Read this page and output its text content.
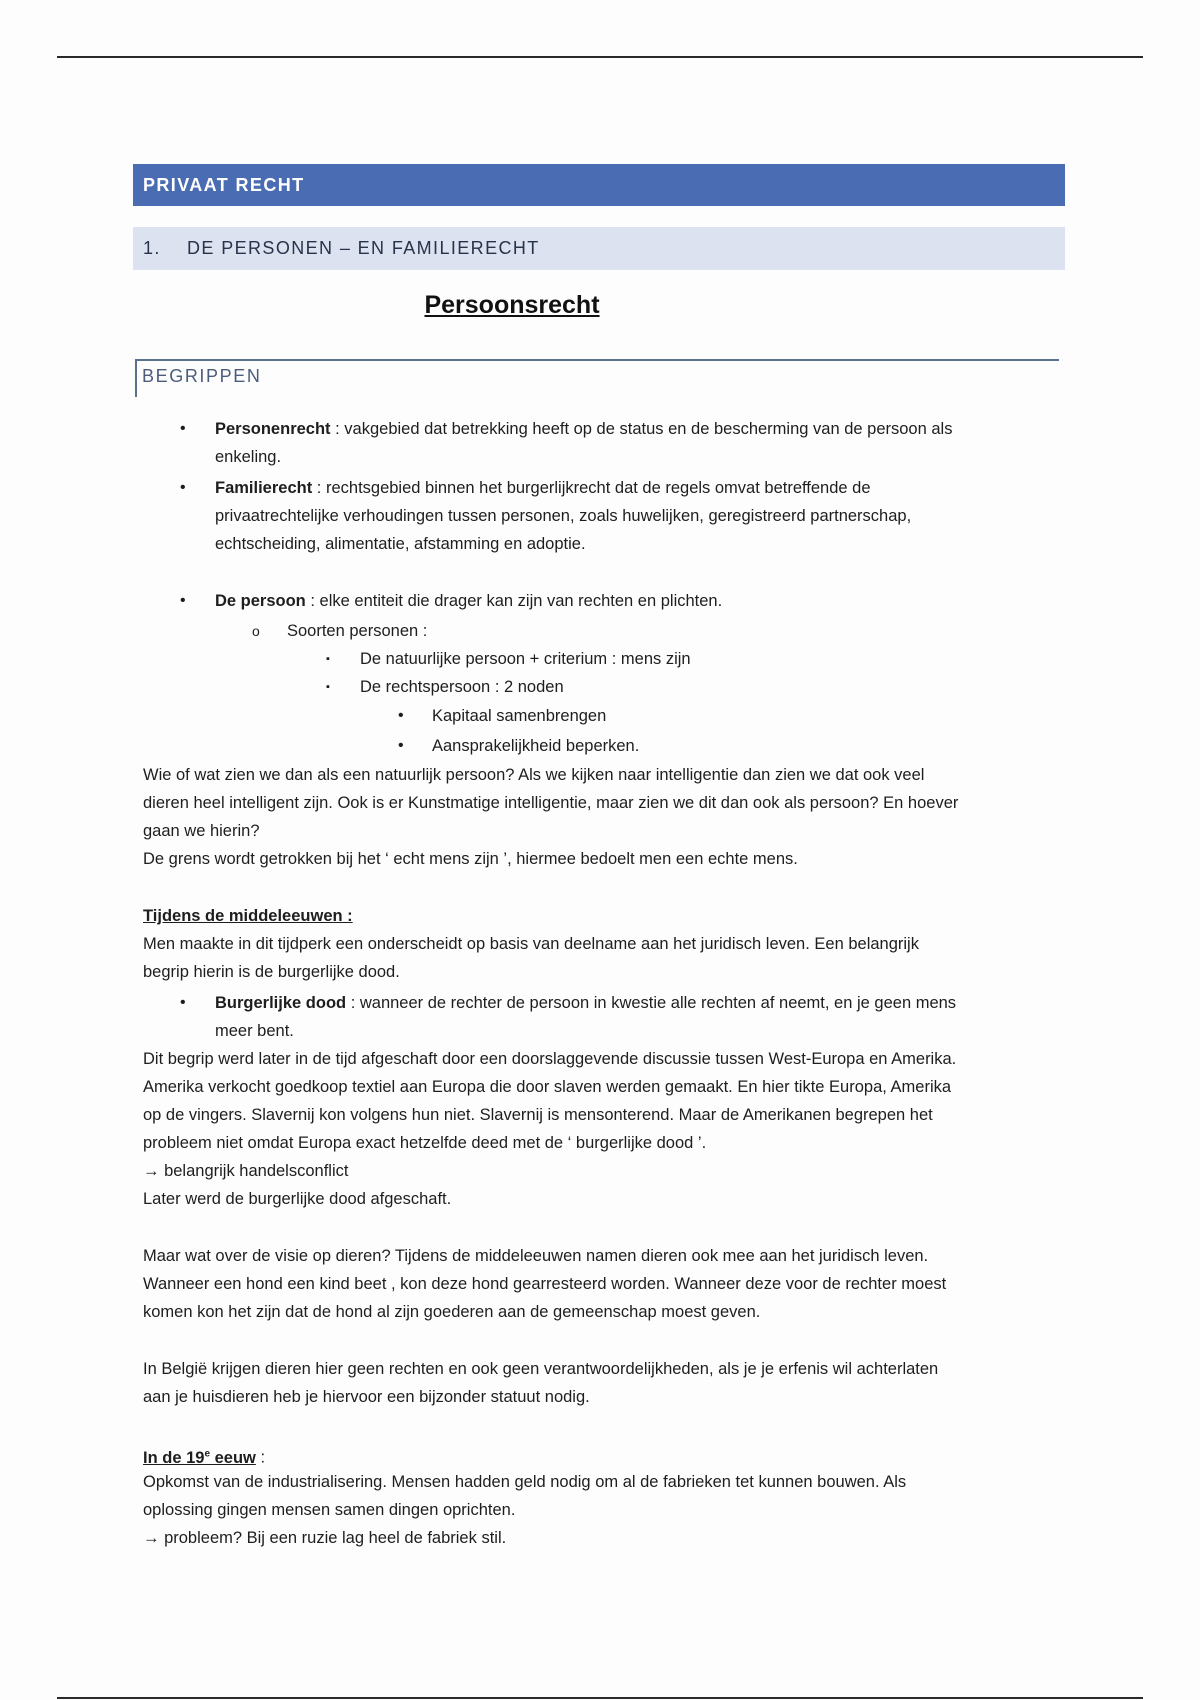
PRIVAAT RECHT
1. DE PERSONEN – EN FAMILIERECHT
Persoonsrecht
BEGRIPPEN
• Personenrecht : vakgebied dat betrekking heeft op de status en de bescherming van de persoon als
enkeling.
• Familierecht : rechtsgebied binnen het burgerlijkrecht dat de regels omvat betreffende de
privaatrechtelijke verhoudingen tussen personen, zoals huwelijken, geregistreerd partnerschap,
echtscheiding, alimentatie, afstamming en adoptie.
• De persoon : elke entiteit die drager kan zijn van rechten en plichten.
o Soorten personen :
▪ De natuurlijke persoon + criterium : mens zijn
▪ De rechtspersoon : 2 noden
• Kapitaal samenbrengen
• Aansprakelijkheid beperken.
Wie of wat zien we dan als een natuurlijk persoon? Als we kijken naar intelligentie dan zien we dat ook veel
dieren heel intelligent zijn. Ook is er Kunstmatige intelligentie, maar zien we dit dan ook als persoon? En hoever
gaan we hierin?
De grens wordt getrokken bij het ‘ echt mens zijn ’, hiermee bedoelt men een echte mens.
Tijdens de middeleeuwen :
Men maakte in dit tijdperk een onderscheidt op basis van deelname aan het juridisch leven. Een belangrijk
begrip hierin is de burgerlijke dood.
• Burgerlijke dood : wanneer de rechter de persoon in kwestie alle rechten af neemt, en je geen mens
meer bent.
Dit begrip werd later in de tijd afgeschaft door een doorslaggevende discussie tussen West-Europa en Amerika.
Amerika verkocht goedkoop textiel aan Europa die door slaven werden gemaakt. En hier tikte Europa, Amerika
op de vingers. Slavernij kon volgens hun niet. Slavernij is mensonterend. Maar de Amerikanen begrepen het
probleem niet omdat Europa exact hetzelfde deed met de ‘ burgerlijke dood ’.
→ belangrijk handelsconflict
Later werd de burgerlijke dood afgeschaft.
Maar wat over de visie op dieren? Tijdens de middeleeuwen namen dieren ook mee aan het juridisch leven.
Wanneer een hond een kind beet , kon deze hond gearresteerd worden. Wanneer deze voor de rechter moest
komen kon het zijn dat de hond al zijn goederen aan de gemeenschap moest geven.
In België krijgen dieren hier geen rechten en ook geen verantwoordelijkheden, als je je erfenis wil achterlaten
aan je huisdieren heb je hiervoor een bijzonder statuut nodig.
In de 19e eeuw :
Opkomst van de industrialisering. Mensen hadden geld nodig om al de fabrieken tet kunnen bouwen. Als
oplossing gingen mensen samen dingen oprichten.
→ probleem? Bij een ruzie lag heel de fabriek stil.
